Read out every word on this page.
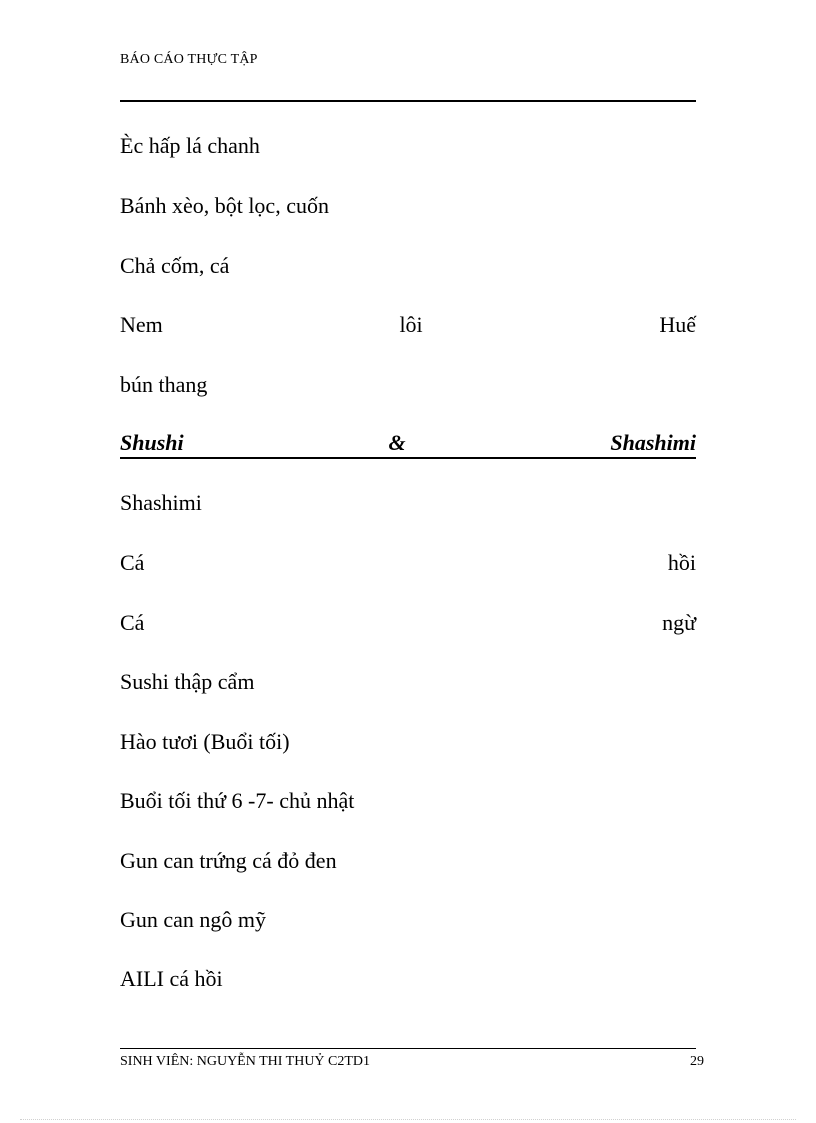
BÁO CÁO THỰC TẬP
Èc hấp lá chanh
Bánh xèo, bột lọc, cuốn
Chả cốm, cá
Nem	lôi	Huế
bún thang
Shushi	&	Shashimi
Shashimi
Cá	hồi
Cá	ngừ
Sushi thập cẩm
Hào tươi (Buổi tối)
Buổi tối thứ 6 -7- chủ nhật
Gun can trứng cá đỏ đen
Gun can ngô mỹ
AILI cá hồi
SINH VIÊN: NGUYỄN THI THUỶ C2TD1	29
